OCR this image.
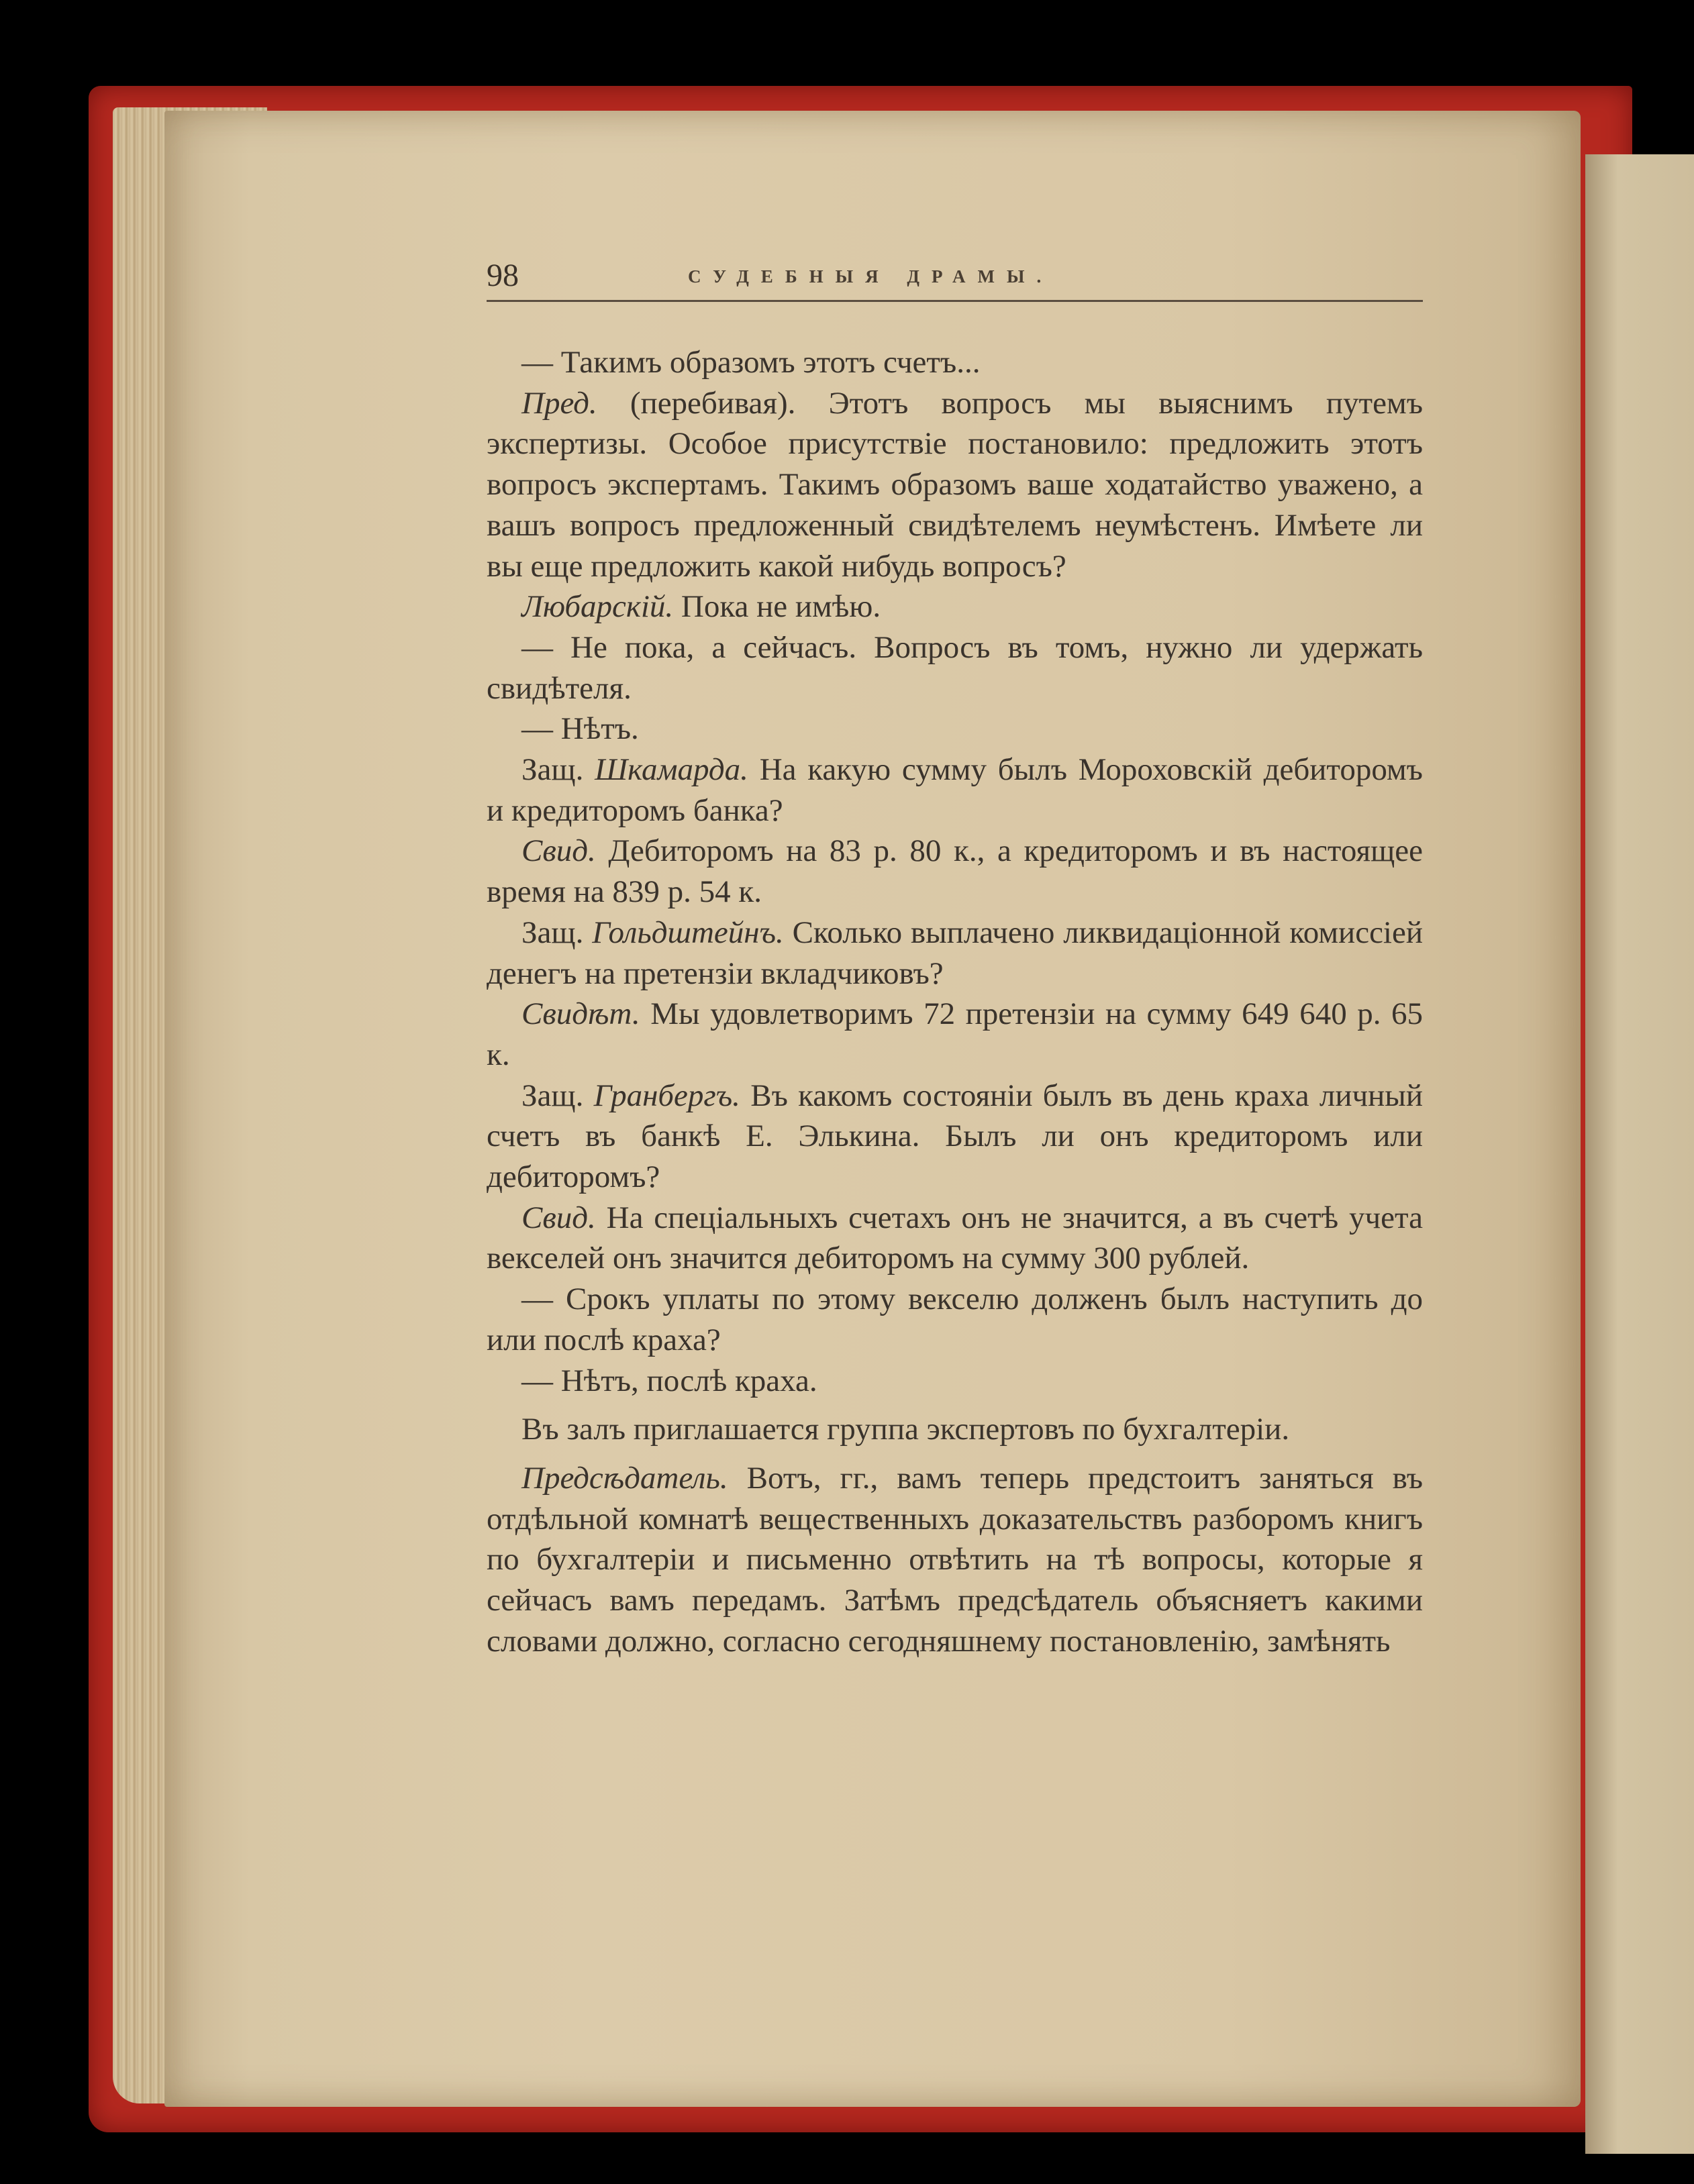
98	СУДЕБНЫЯ ДРАМЫ.

— Такимъ образомъ этотъ счетъ...

Пред. (перебивая). Этотъ вопросъ мы выяснимъ путемъ экспертизы. Особое присутствіе постановило: предложить этотъ вопросъ экспертамъ. Такимъ образомъ ваше ходатайство уважено, а вашъ вопросъ предложенный свидѣтелемъ неумѣстенъ. Имѣете ли вы еще предложить какой нибудь вопросъ?

Любарскій. Пока не имѣю.

— Не пока, а сейчасъ. Вопросъ въ томъ, нужно ли удержать свидѣтеля.

— Нѣтъ.

Защ. Шкамарда. На какую сумму былъ Мороховскій дебиторомъ и кредиторомъ банка?

Свид. Дебиторомъ на 83 р. 80 к., а кредиторомъ и въ настоящее время на 839 р. 54 к.

Защ. Гольдштейнъ. Сколько выплачено ликвидаціонной комиссіей денегъ на претензіи вкладчиковъ?

Свидѣт. Мы удовлетворимъ 72 претензіи на сумму 649 640 р. 65 к.

Защ. Гранбергъ. Въ какомъ состояніи былъ въ день краха личный счетъ въ банкѣ Е. Элькина. Былъ ли онъ кредиторомъ или дебиторомъ?

Свид. На спеціальныхъ счетахъ онъ не значится, а въ счетѣ учета векселей онъ значится дебиторомъ на сумму 300 рублей.

— Срокъ уплаты по этому векселю долженъ былъ наступить до или послѣ краха?

— Нѣтъ, послѣ краха.

Въ залъ приглашается группа экспертовъ по бухгалтеріи.

Предсѣдатель. Вотъ, гг., вамъ теперь предстоитъ заняться въ отдѣльной комнатѣ вещественныхъ доказательствъ разборомъ книгъ по бухгалтеріи и письменно отвѣтить на тѣ вопросы, которые я сейчасъ вамъ передамъ. Затѣмъ предсѣдатель объясняетъ какими словами должно, согласно сегодняшнему постановленію, замѣнять
